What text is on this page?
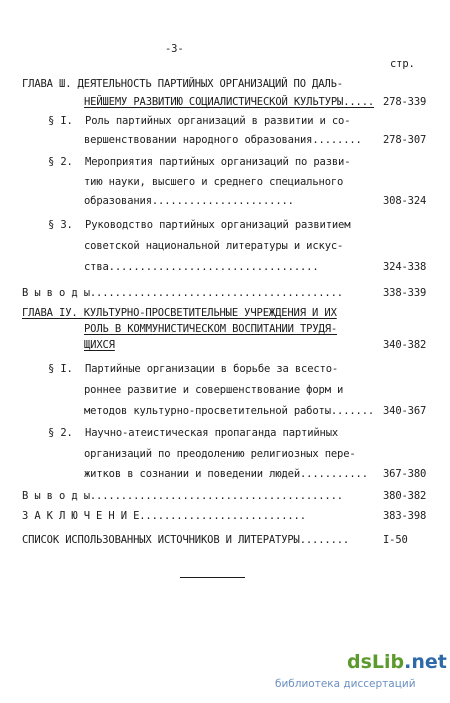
-3-
стр.
ГЛАВА Ш. ДЕЯТЕЛЬНОСТЬ ПАРТИЙНЫХ ОРГАНИЗАЦИЙ ПО ДАЛЬ-
НЕЙШЕМУ РАЗВИТИЮ СОЦИАЛИСТИЧЕСКОЙ КУЛЬТУРЫ..... 278-339
§ I.  Роль партийных организаций в развитии и со-
вершенствовании народного образования........ 278-307
§ 2.  Мероприятия партийных организаций по разви-
тию науки, высшего и среднего специального
образования.......................	308-324
§ 3.  Руководство партийных организаций развитием
советской национальной литературы и искус-
ства..................................	324-338
В ы в о д ы.........................................	338-339
ГЛАВА IУ. КУЛЬТУРНО-ПРОСВЕТИТЕЛЬНЫЕ УЧРЕЖДЕНИЯ И ИХ
РОЛЬ В КОММУНИСТИЧЕСКОМ ВОСПИТАНИИ ТРУДЯ-
ЩИХСЯ	340-382
§ I.  Партийные организации в борьбе за всесто-
роннее развитие и совершенствование форм и
методов культурно-просветительной работы....... 340-367
§ 2.  Научно-атеистическая пропаганда партийных
организаций по преодолению религиозных пере-
житков в сознании и поведении людей........... 367-380
В ы в о д ы.........................................	380-382
З А К Л Ю Ч Е Н И Е...........................	383-398
СПИСОК ИСПОЛЬЗОВАННЫХ ИСТОЧНИКОВ И ЛИТЕРАТУРЫ........	I-50
dsLib.net
библиотека диссертаций
